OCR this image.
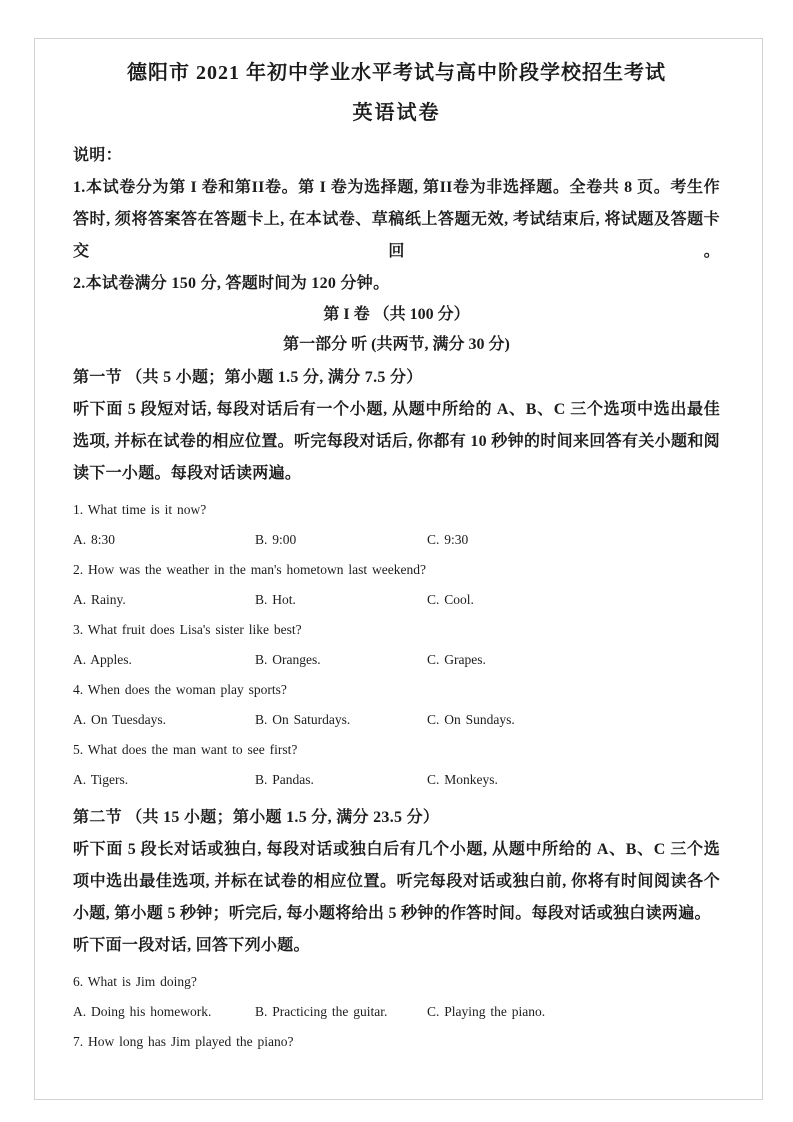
德阳市 2021 年初中学业水平考试与高中阶段学校招生考试
英语试卷
说明：
1.本试卷分为第 I 卷和第II卷。第 I 卷为选择题, 第II卷为非选择题。全卷共 8 页。考生作答时, 须将答案答在答题卡上, 在本试卷、草稿纸上答题无效, 考试结束后, 将试题及答题卡交回。
2.本试卷满分 150 分, 答题时间为 120 分钟。
第 I 卷 （共 100 分）
第一部分 听 (共两节, 满分 30 分)
第一节 （共 5 小题；第小题 1.5 分, 满分 7.5 分）
听下面 5 段短对话, 每段对话后有一个小题, 从题中所给的 A、B、C 三个选项中选出最佳选项, 并标在试卷的相应位置。听完每段对话后, 你都有 10 秒钟的时间来回答有关小题和阅读下一小题。每段对话读两遍。
1. What time is it now?
A. 8:30	B. 9:00	C. 9:30
2. How was the weather in the man's hometown last weekend?
A. Rainy.	B. Hot.	C. Cool.
3. What fruit does Lisa's sister like best?
A. Apples.	B. Oranges.	C. Grapes.
4. When does the woman play sports?
A. On Tuesdays.	B. On Saturdays.	C. On Sundays.
5. What does the man want to see first?
A. Tigers.	B. Pandas.	C. Monkeys.
第二节 （共 15 小题；第小题 1.5 分, 满分 23.5 分）
听下面 5 段长对话或独白, 每段对话或独白后有几个小题, 从题中所给的 A、B、C 三个选项中选出最佳选项, 并标在试卷的相应位置。听完每段对话或独白前, 你将有时间阅读各个小题, 第小题 5 秒钟；听完后, 每小题将给出 5 秒钟的作答时间。每段对话或独白读两遍。
听下面一段对话, 回答下列小题。
6. What is Jim doing?
A. Doing his homework.	B. Practicing the guitar.	C. Playing the piano.
7. How long has Jim played the piano?
